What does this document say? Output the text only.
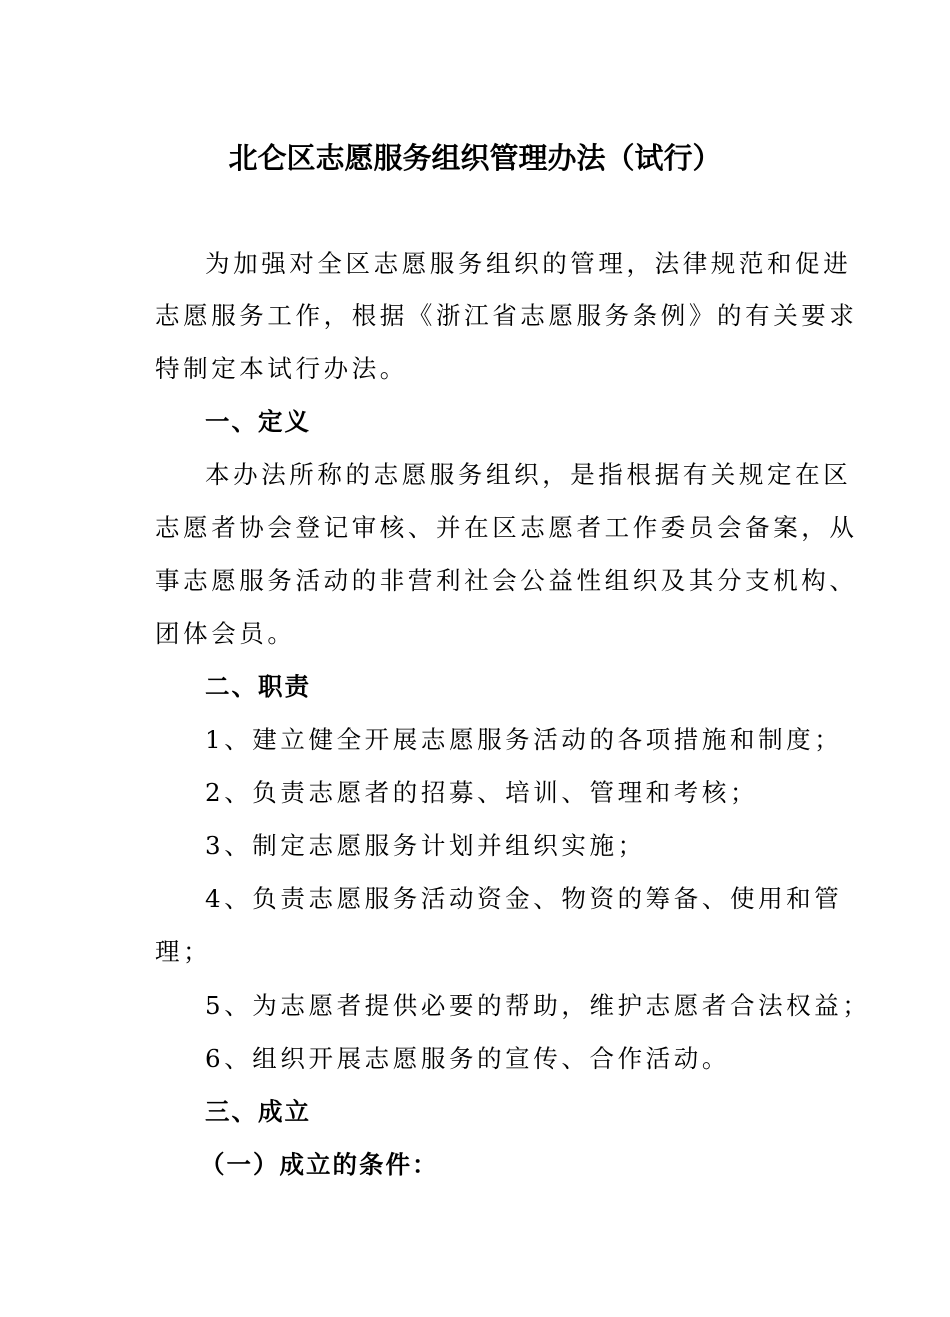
北仑区志愿服务组织管理办法（试行）
为加强对全区志愿服务组织的管理，法律规范和促进
志愿服务工作，根据《浙江省志愿服务条例》的有关要求
特制定本试行办法。
一、定义
本办法所称的志愿服务组织，是指根据有关规定在区
志愿者协会登记审核、并在区志愿者工作委员会备案，从
事志愿服务活动的非营利社会公益性组织及其分支机构、
团体会员。
二、职责
1、建立健全开展志愿服务活动的各项措施和制度；
2、负责志愿者的招募、培训、管理和考核；
3、制定志愿服务计划并组织实施；
4、负责志愿服务活动资金、物资的筹备、使用和管
理；
5、为志愿者提供必要的帮助，维护志愿者合法权益；
6、组织开展志愿服务的宣传、合作活动。
三、成立
（一）成立的条件：
